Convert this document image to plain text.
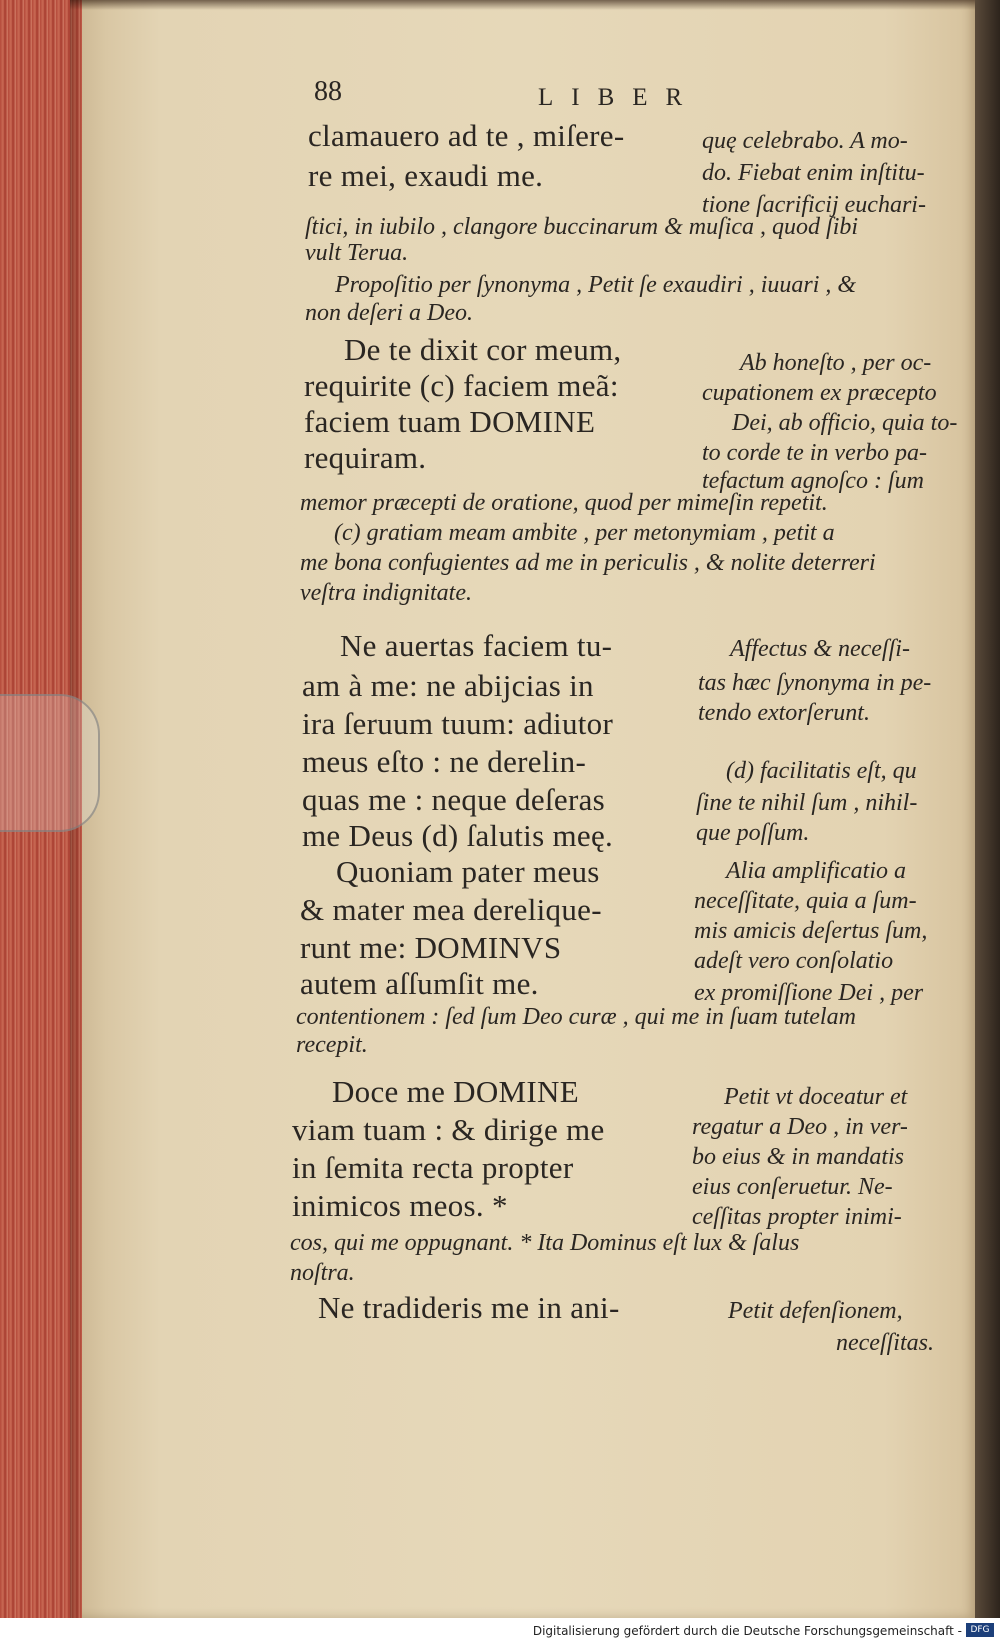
88	LIBER
clamauero ad te , miſere-
re mei, exaudi me.
quę celebrabo. A mo-
do. Fiebat enim inſtitu-
tione ſacrificij euchari-
ſtici, in iubilo , clangore buccinarum & muſica , quod ſibi
vult Terua.
Propoſitio per ſynonyma , Petit ſe exaudiri , iuuari , &
non deſeri a Deo.
De te dixit cor meum,
requirite (c) faciem meã:
faciem tuam DOMINE
requiram.
Ab honeſto , per oc-
cupationem ex præcepto
Dei, ab officio, quia to-
to corde te in verbo pa-
tefactum agnoſco : ſum
memor præcepti de oratione, quod per mimeſin repetit.
(c) gratiam meam ambite , per metonymiam , petit a
me bona confugientes ad me in periculis , & nolite deterreri
veſtra indignitate.
Ne auertas faciem tu-
am à me: ne abijcias in
ira ſeruum tuum: adiutor
meus eſto : ne derelin-
quas me : neque deſeras
me Deus (d) ſalutis meę.
Affectus & neceſſi-
tas hæc ſynonyma in pe-
tendo extorſerunt.
(d) facilitatis eſt, qu
ſine te nihil ſum , nihil-
que poſſum.
Quoniam pater meus
& mater mea derelique-
runt me: DOMINVS
autem aſſumſit me.
Alia amplificatio a
neceſſitate, quia a ſum-
mis amicis deſertus ſum,
adeſt vero conſolatio
ex promiſſione Dei , per
contentionem : ſed ſum Deo curæ , qui me in ſuam tutelam
recepit.
Doce me DOMINE
viam tuam : & dirige me
in ſemita recta propter
inimicos meos. *
Petit vt doceatur et
regatur a Deo , in ver-
bo eius & in mandatis
eius conſeruetur. Ne-
ceſſitas propter inimi-
cos, qui me oppugnant. * Ita Dominus eſt lux & ſalus
noſtra.
Ne tradideris me in ani-	Petit defenſionem,
neceſſitas.
Digitalisierung gefördert durch die Deutsche Forschungsgemeinschaft - DFG
